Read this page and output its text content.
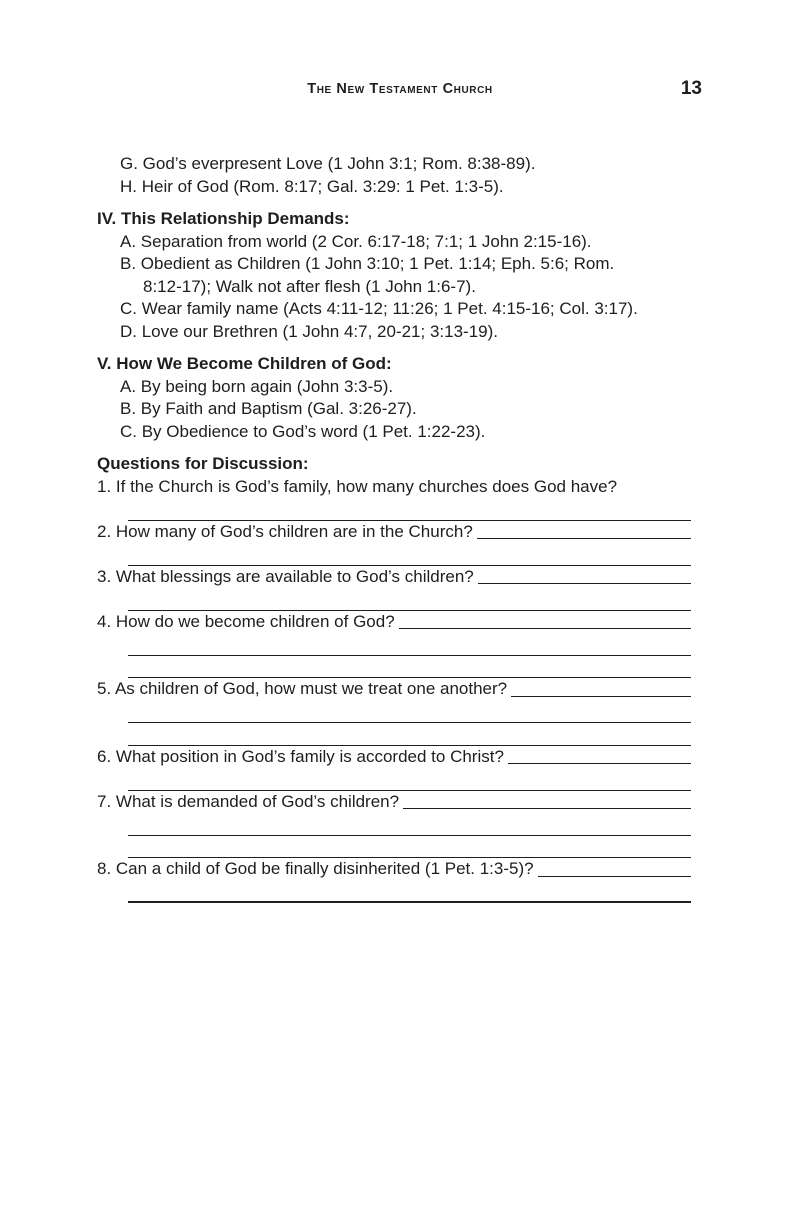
The New Testament Church	13

G. God’s everpresent Love (1 John 3:1; Rom. 8:38-89).

H. Heir of God (Rom. 8:17; Gal. 3:29: 1 Pet. 1:3-5).

IV. This Relationship Demands:

A. Separation from world (2 Cor. 6:17-18; 7:1; 1 John 2:15-16).

B. Obedient as Children (1 John 3:10; 1 Pet. 1:14; Eph. 5:6; Rom.

8:12-17); Walk not after flesh (1 John 1:6-7).

C. Wear family name (Acts 4:11-12; 11:26; 1 Pet. 4:15-16; Col. 3:17).

D. Love our Brethren (1 John 4:7, 20-21; 3:13-19).

V. How We Become Children of God:

A. By being born again (John 3:3-5).

B. By Faith and Baptism (Gal. 3:26-27).

C. By Obedience to God’s word (1 Pet. 1:22-23).

Questions for Discussion:

1. If the Church is God’s family, how many churches does God have?

2. How many of God’s children are in the Church?

3. What blessings are available to God’s children?

4. How do we become children of God?

5. As children of God, how must we treat one another?

6. What position in God’s family is accorded to Christ?

7. What is demanded of God’s children?

8. Can a child of God be finally disinherited (1 Pet. 1:3-5)?
